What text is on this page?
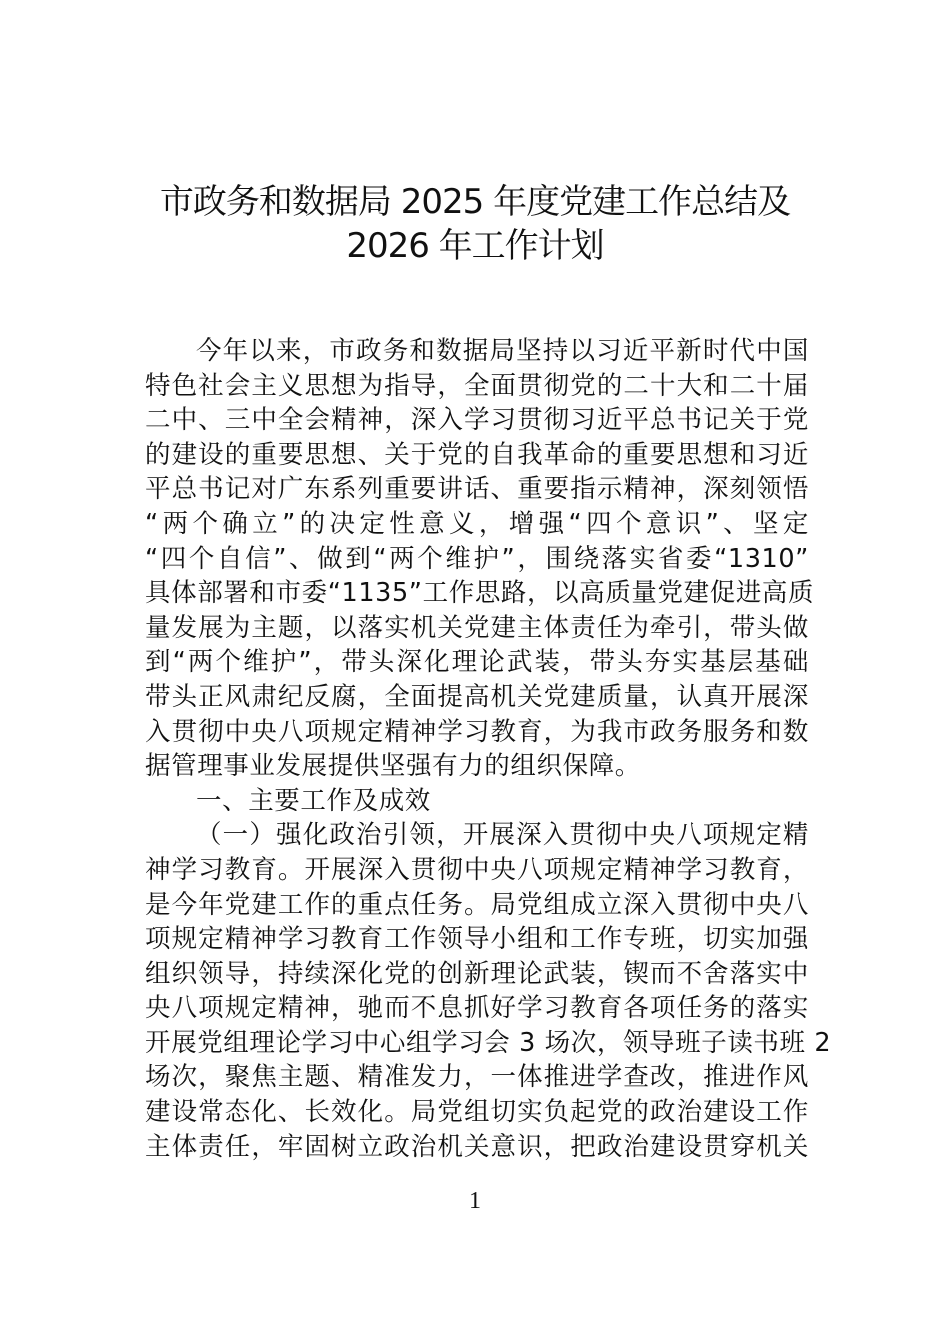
市政务和数据局 2025 年度党建工作总结及
2026 年工作计划
今年以来，市政务和数据局坚持以习近平新时代中国
特色社会主义思想为指导，全面贯彻党的二十大和二十届
二中、三中全会精神，深入学习贯彻习近平总书记关于党
的建设的重要思想、关于党的自我革命的重要思想和习近
平总书记对广东系列重要讲话、重要指示精神，深刻领悟
“两个确立”的决定性意义，增强“四个意识”、坚定
“四个自信”、做到“两个维护”，围绕落实省委“1310”
具体部署和市委“1135”工作思路，以高质量党建促进高质
量发展为主题，以落实机关党建主体责任为牵引，带头做
到“两个维护”，带头深化理论武装，带头夯实基层基础
带头正风肃纪反腐，全面提高机关党建质量，认真开展深
入贯彻中央八项规定精神学习教育，为我市政务服务和数
据管理事业发展提供坚强有力的组织保障。
一、主要工作及成效
（一）强化政治引领，开展深入贯彻中央八项规定精
神学习教育。开展深入贯彻中央八项规定精神学习教育，
是今年党建工作的重点任务。局党组成立深入贯彻中央八
项规定精神学习教育工作领导小组和工作专班，切实加强
组织领导，持续深化党的创新理论武装，锲而不舍落实中
央八项规定精神，驰而不息抓好学习教育各项任务的落实
开展党组理论学习中心组学习会 3 场次，领导班子读书班 2
场次，聚焦主题、精准发力，一体推进学查改，推进作风
建设常态化、长效化。局党组切实负起党的政治建设工作
主体责任，牢固树立政治机关意识，把政治建设贯穿机关
1
